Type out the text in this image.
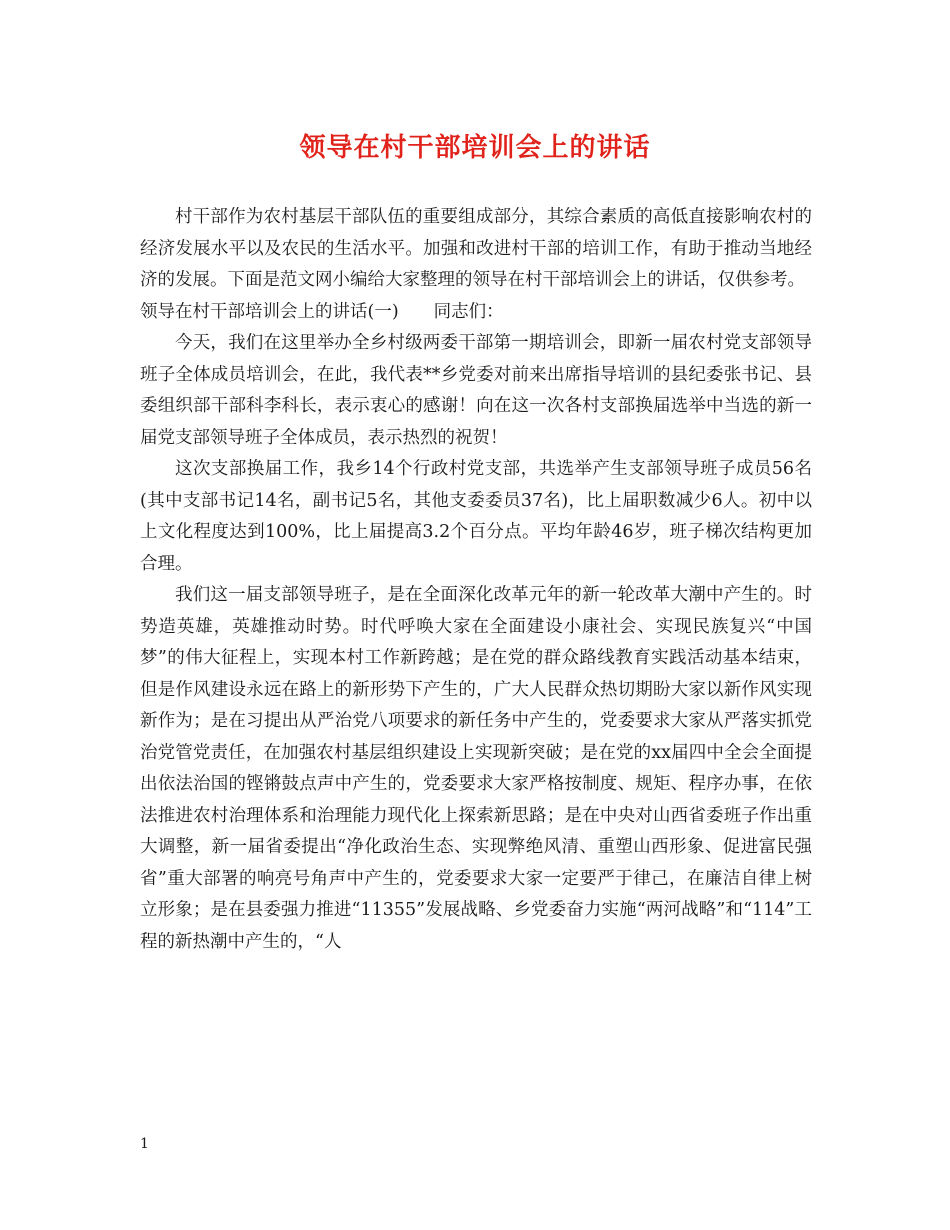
领导在村干部培训会上的讲话

村干部作为农村基层干部队伍的重要组成部分，其综合素质的高低直接影响农村的经济发展水平以及农民的生活水平。加强和改进村干部的培训工作，有助于推动当地经济的发展。下面是范文网小编给大家整理的领导在村干部培训会上的讲话，仅供参考。

领导在村干部培训会上的讲话(一)　　同志们：

今天，我们在这里举办全乡村级两委干部第一期培训会，即新一届农村党支部领导班子全体成员培训会，在此，我代表**乡党委对前来出席指导培训的县纪委张书记、县委组织部干部科李科长，表示衷心的感谢！向在这一次各村支部换届选举中当选的新一届党支部领导班子全体成员，表示热烈的祝贺！

这次支部换届工作，我乡14个行政村党支部，共选举产生支部领导班子成员56名(其中支部书记14名，副书记5名，其他支委委员37名)，比上届职数减少6人。初中以上文化程度达到100%，比上届提高3.2个百分点。平均年龄46岁，班子梯次结构更加合理。

我们这一届支部领导班子，是在全面深化改革元年的新一轮改革大潮中产生的。时势造英雄，英雄推动时势。时代呼唤大家在全面建设小康社会、实现民族复兴“中国梦”的伟大征程上，实现本村工作新跨越；是在党的群众路线教育实践活动基本结束，但是作风建设永远在路上的新形势下产生的，广大人民群众热切期盼大家以新作风实现新作为；是在习提出从严治党八项要求的新任务中产生的，党委要求大家从严落实抓党治党管党责任，在加强农村基层组织建设上实现新突破；是在党的xx届四中全会全面提出依法治国的铿锵鼓点声中产生的，党委要求大家严格按制度、规矩、程序办事，在依法推进农村治理体系和治理能力现代化上探索新思路；是在中央对山西省委班子作出重大调整，新一届省委提出“净化政治生态、实现弊绝风清、重塑山西形象、促进富民强省”重大部署的响亮号角声中产生的，党委要求大家一定要严于律己，在廉洁自律上树立形象；是在县委强力推进“11355”发展战略、乡党委奋力实施“两河战略”和“114”工程的新热潮中产生的，“人

1
